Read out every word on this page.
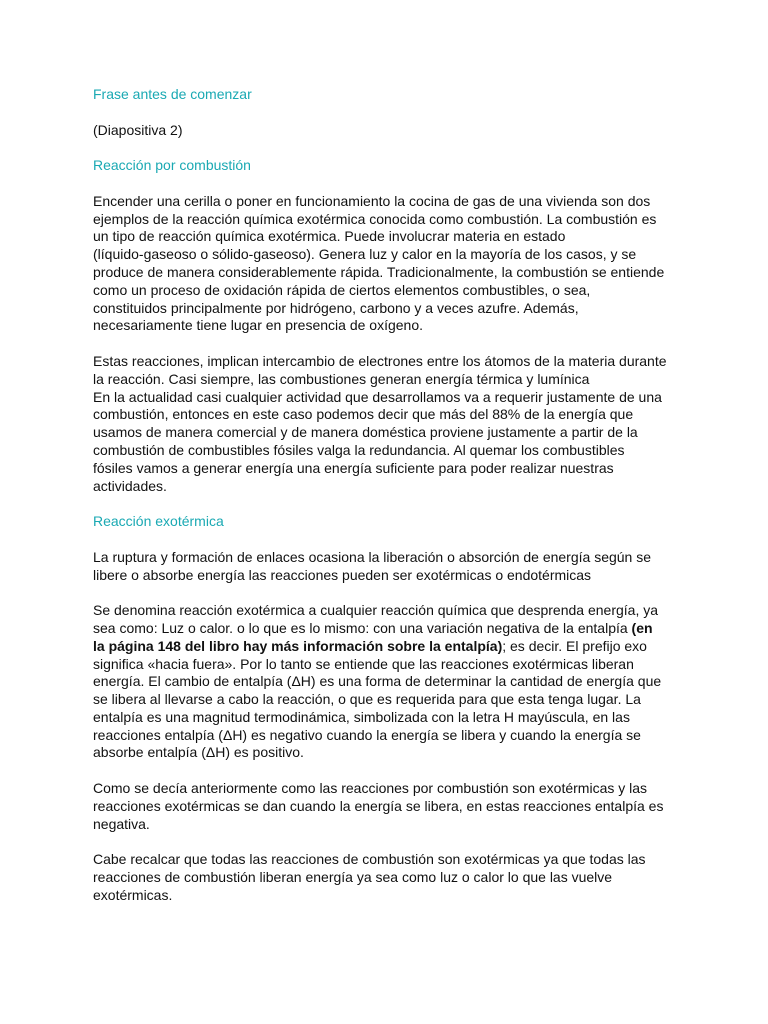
Frase antes de comenzar
(Diapositiva 2)
Reacción por combustión
Encender una cerilla o poner en funcionamiento la cocina de gas de una vivienda son dos
ejemplos de la reacción química exotérmica conocida como combustión. La combustión es
un tipo de reacción química exotérmica. Puede involucrar materia en estado
(líquido-gaseoso o sólido-gaseoso). Genera luz y calor en la mayoría de los casos, y se
produce de manera considerablemente rápida. Tradicionalmente, la combustión se entiende
como un proceso de oxidación rápida de ciertos elementos combustibles, o sea,
constituidos principalmente por hidrógeno, carbono y a veces azufre. Además,
necesariamente tiene lugar en presencia de oxígeno.
Estas reacciones, implican intercambio de electrones entre los átomos de la materia durante
la reacción. Casi siempre, las combustiones generan energía térmica y lumínica
En la actualidad casi cualquier actividad que desarrollamos va a requerir justamente de una
combustión, entonces en este caso podemos decir que más del 88% de la energía que
usamos de manera comercial y de manera doméstica proviene justamente a partir de la
combustión de combustibles fósiles valga la redundancia. Al quemar los combustibles
fósiles vamos a generar energía una energía suficiente para poder realizar nuestras
actividades.
Reacción exotérmica
La ruptura y formación de enlaces ocasiona la liberación o absorción de energía según se
libere o absorbe energía las reacciones pueden ser exotérmicas o endotérmicas
Se denomina reacción exotérmica a cualquier reacción química que desprenda energía, ya
sea como: Luz o calor. o lo que es lo mismo: con una variación negativa de la entalpía (en
la página 148 del libro hay más información sobre la entalpía); es decir. El prefijo exo
significa «hacia fuera». Por lo tanto se entiende que las reacciones exotérmicas liberan
energía. El cambio de entalpía (ΔH) es una forma de determinar la cantidad de energía que
se libera al llevarse a cabo la reacción, o que es requerida para que esta tenga lugar. La
entalpía es una magnitud termodinámica, simbolizada con la letra H mayúscula, en las
reacciones entalpía (ΔH) es negativo cuando la energía se libera y cuando la energía se
absorbe entalpía (ΔH) es positivo.
Como se decía anteriormente como las reacciones por combustión son exotérmicas y las
reacciones exotérmicas se dan cuando la energía se libera, en estas reacciones entalpía es
negativa.
Cabe recalcar que todas las reacciones de combustión son exotérmicas ya que todas las
reacciones de combustión liberan energía ya sea como luz o calor lo que las vuelve
exotérmicas.
